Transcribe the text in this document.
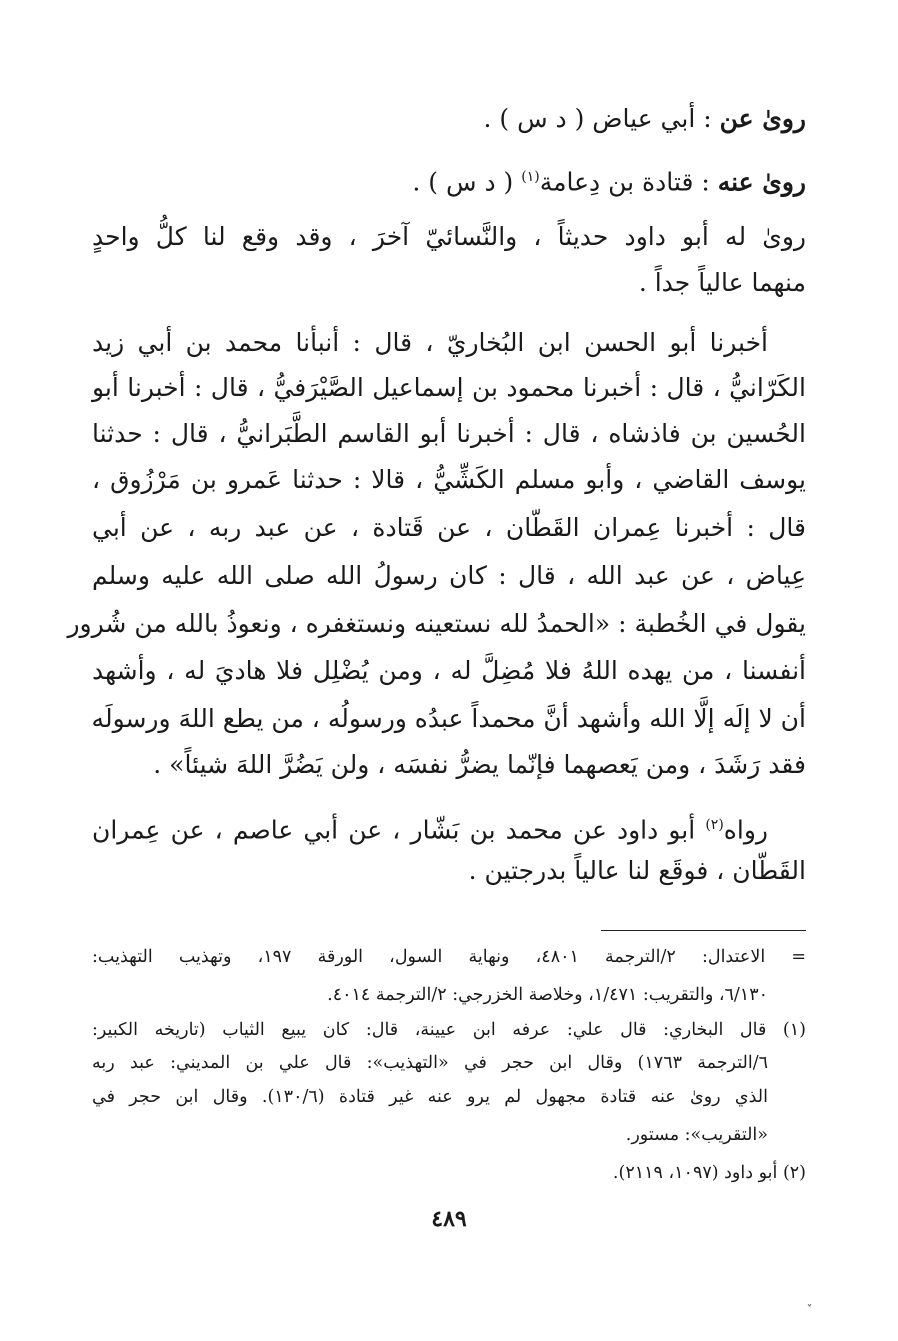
روىٰ عن : أبي عياض ( د س ) .
روىٰ عنه : قتادة بن دِعامة$^{(١)}$ ( د س ) .
روىٰ له أبو داود حديثاً ، والنَّسائيّ آخرَ ، وقد وقع لنا كلُّ واحدٍ
منهما عالياً جداً .
أخبرنا أبو الحسن ابن البُخاريّ ، قال : أنبأنا محمد بن أبي زيد
الكَرّانيُّ ، قال : أخبرنا محمود بن إسماعيل الصَّيْرَفيُّ ، قال : أخبرنا أبو
الحُسين بن فاذشاه ، قال : أخبرنا أبو القاسم الطَّبَرانيُّ ، قال : حدثنا
يوسف القاضي ، وأبو مسلم الكَشِّيُّ ، قالا : حدثنا عَمرو بن مَرْزُوق ،
قال : أخبرنا عِمران القَطّان ، عن قَتادة ، عن عبد ربه ، عن أبي
عِياض ، عن عبد الله ، قال : كان رسولُ الله صلى الله عليه وسلم
يقول في الخُطبة : «الحمدُ لله نستعينه ونستغفره ، ونعوذُ بالله من شُرور
أنفسنا ، من يهده اللهُ فلا مُضِلَّ له ، ومن يُضْلِل فلا هاديَ له ، وأشهد
أن لا إلَه إلَّا الله وأشهد أنَّ محمداً عبدُه ورسولُه ، من يطع اللهَ ورسولَه
فقد رَشَدَ ، ومن يَعصهما فإنّما يضرُّ نفسَه ، ولن يَضُرَّ اللهَ شيئاً» .
رواه$^{(٢)}$ أبو داود عن محمد بن بَشّار ، عن أبي عاصم ، عن عِمران
القَطّان ، فوقَع لنا عالياً بدرجتين .
= الاعتدال: ٢/الترجمة ٤٨٠١، ونهاية السول، الورقة ١٩٧، وتهذيب التهذيب:
٦/١٣٠، والتقريب: ١/٤٧١، وخلاصة الخزرجي: ٢/الترجمة ٤٠١٤.
(١) قال البخاري: قال علي: عرفه ابن عيينة، قال: كان يبيع الثياب (تاريخه الكبير:
٦/الترجمة ١٧٦٣) وقال ابن حجر في «التهذيب»: قال علي بن المديني: عبد ربه
الذي روىٰ عنه قتادة مجهول لم يرو عنه غير قتادة (١٣٠/٦). وقال ابن حجر في
«التقريب»: مستور.
(٢) أبو داود (١٠٩٧، ٢١١٩).
٤٨٩
